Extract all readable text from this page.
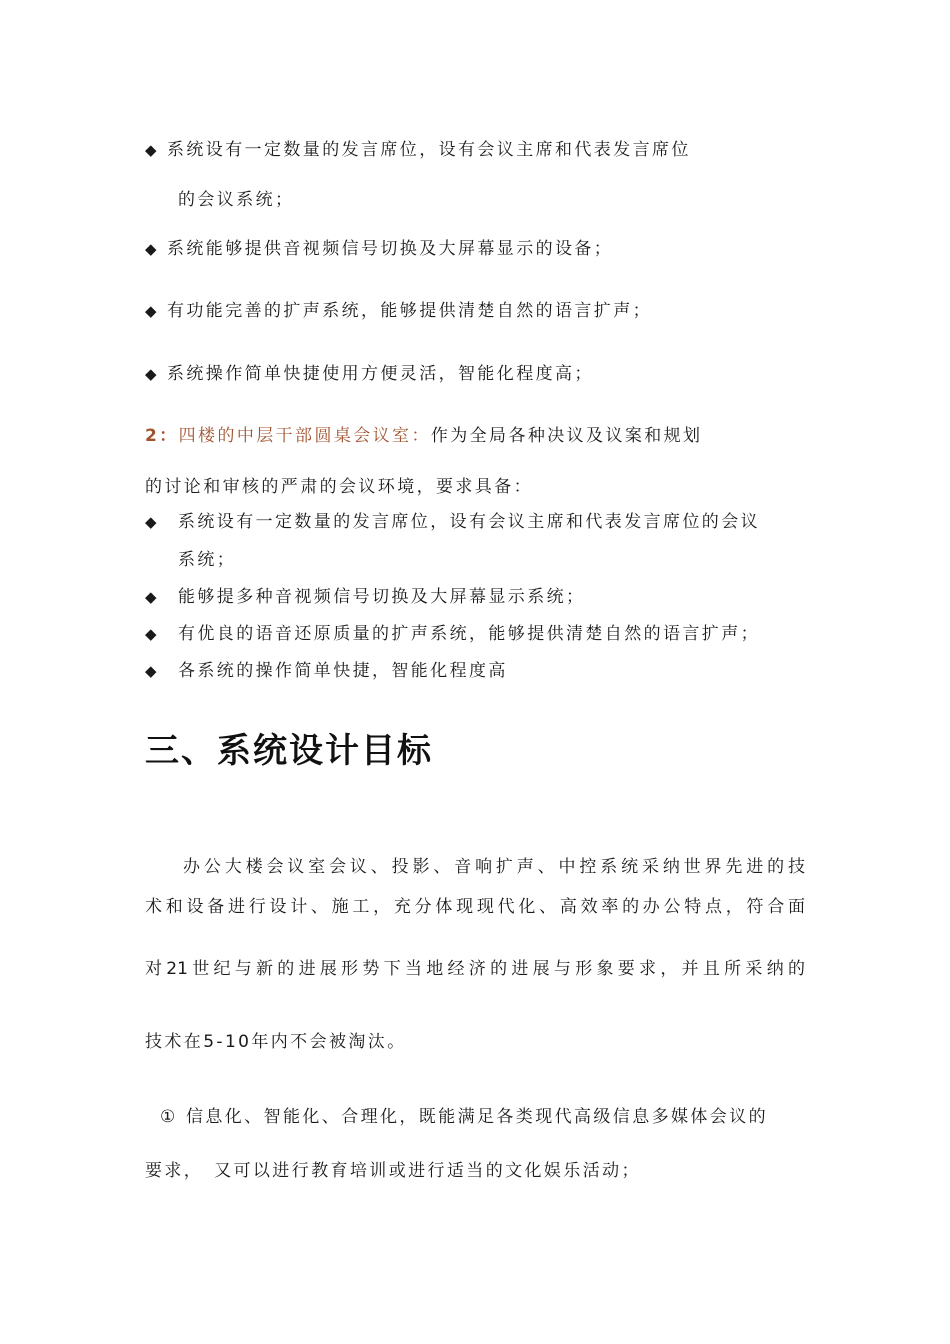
◆ 系统设有一定数量的发言席位，设有会议主席和代表发言席位
的会议系统；
◆ 系统能够提供音视频信号切换及大屏幕显示的设备；
◆ 有功能完善的扩声系统，能够提供清楚自然的语言扩声；
◆ 系统操作简单快捷使用方便灵活，智能化程度高；
2：四楼的中层干部圆桌会议室：作为全局各种决议及议案和规划
的讨论和审核的严肃的会议环境，要求具备：
◆ 系统设有一定数量的发言席位，设有会议主席和代表发言席位的会议
系统；
◆ 能够提多种音视频信号切换及大屏幕显示系统；
◆ 有优良的语音还原质量的扩声系统，能够提供清楚自然的语言扩声；
◆ 各系统的操作简单快捷，智能化程度高
三、系统设计目标
办公大楼会议室会议、投影、音响扩声、中控系统采纳世界先进的技
术和设备进行设计、施工，充分体现现代化、高效率的办公特点，符合面
对21世纪与新的进展形势下当地经济的进展与形象要求，并且所采纳的
技术在5-10年内不会被淘汰。
① 信息化、智能化、合理化，既能满足各类现代高级信息多媒体会议的
要求，　又可以进行教育培训或进行适当的文化娱乐活动；
